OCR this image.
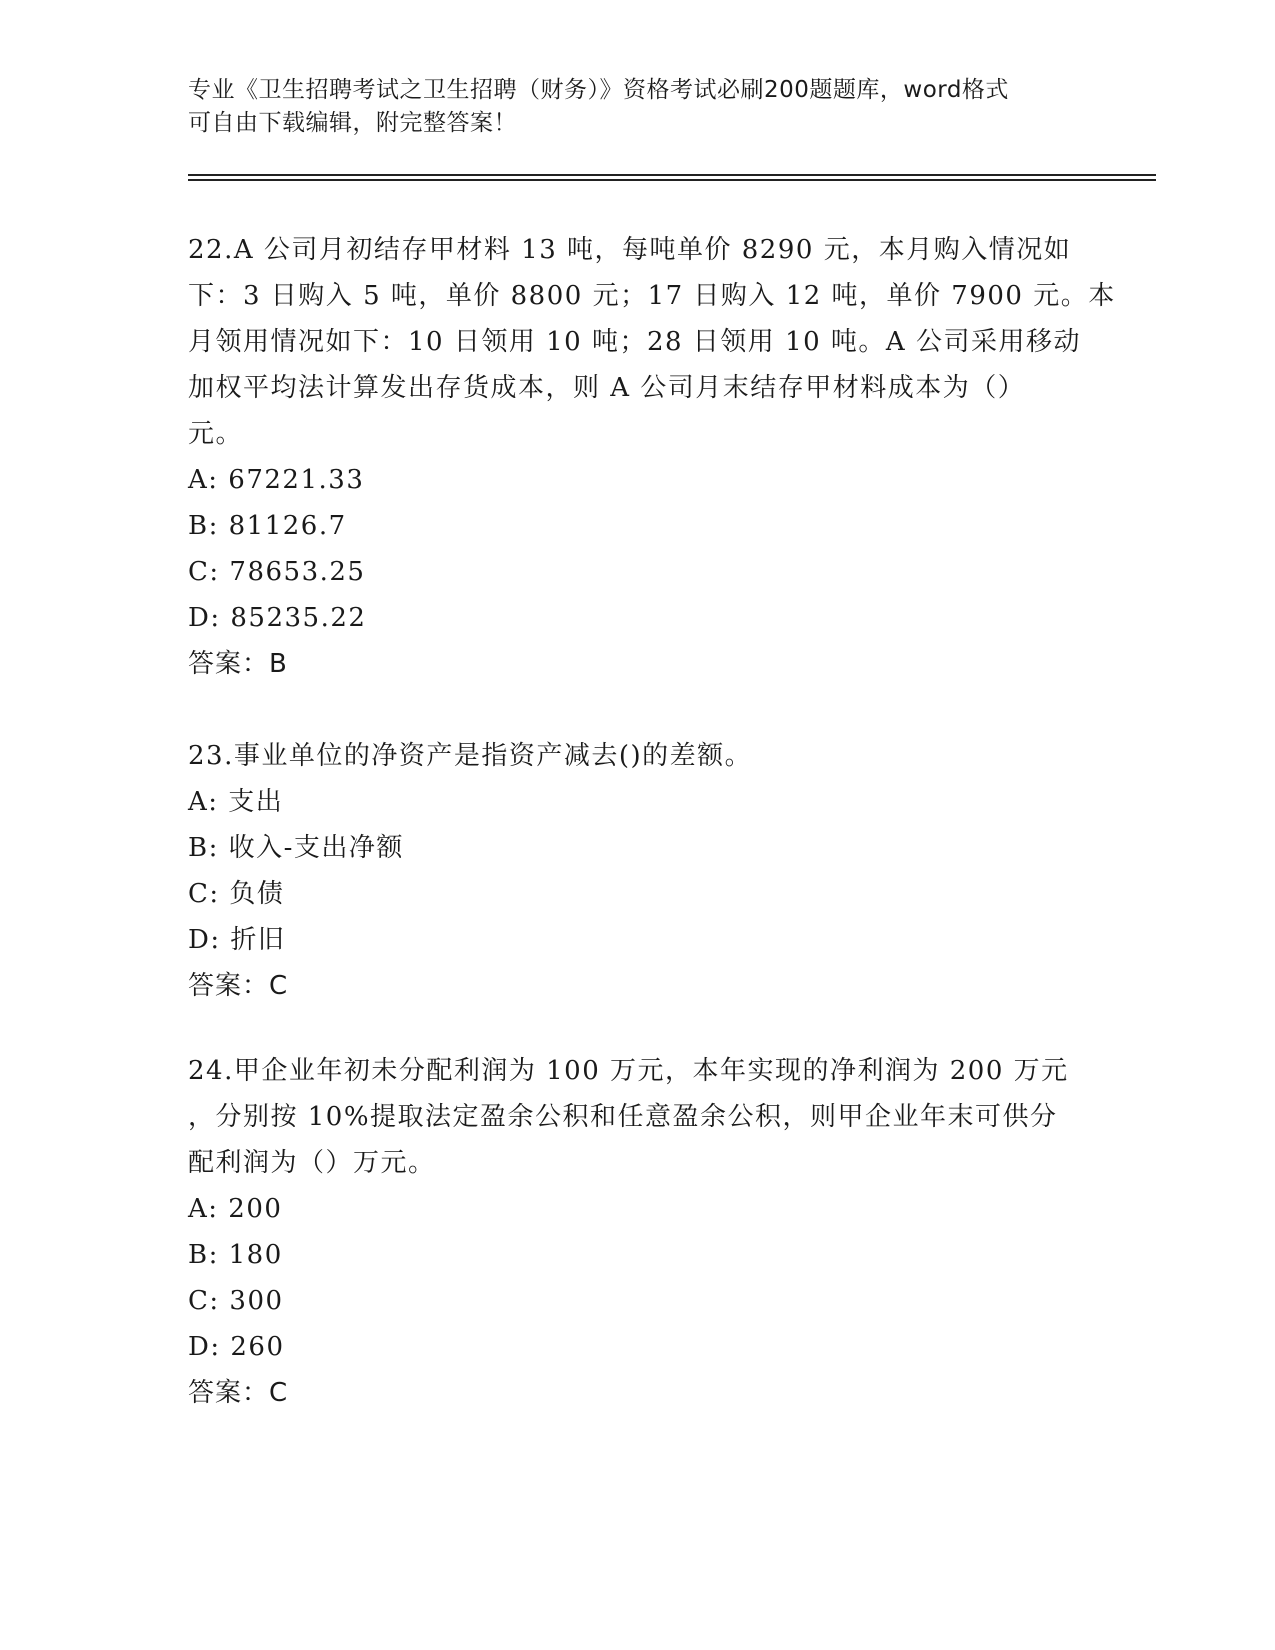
专业《卫生招聘考试之卫生招聘（财务）》资格考试必刷200题题库，word格式
可自由下载编辑，附完整答案！
22.A 公司月初结存甲材料 13 吨，每吨单价 8290 元，本月购入情况如
下：3 日购入 5 吨，单价 8800 元；17 日购入 12 吨，单价 7900 元。本
月领用情况如下：10 日领用 10 吨；28 日领用 10 吨。A 公司采用移动
加权平均法计算发出存货成本，则 A 公司月末结存甲材料成本为（）
元。
A: 67221.33
B: 81126.7
C: 78653.25
D: 85235.22
答案：B
23.事业单位的净资产是指资产减去()的差额。
A: 支出
B: 收入-支出净额
C: 负债
D: 折旧
答案：C
24.甲企业年初未分配利润为 100 万元，本年实现的净利润为 200 万元
，分别按 10%提取法定盈余公积和任意盈余公积，则甲企业年末可供分
配利润为（）万元。
A: 200
B: 180
C: 300
D: 260
答案：C
